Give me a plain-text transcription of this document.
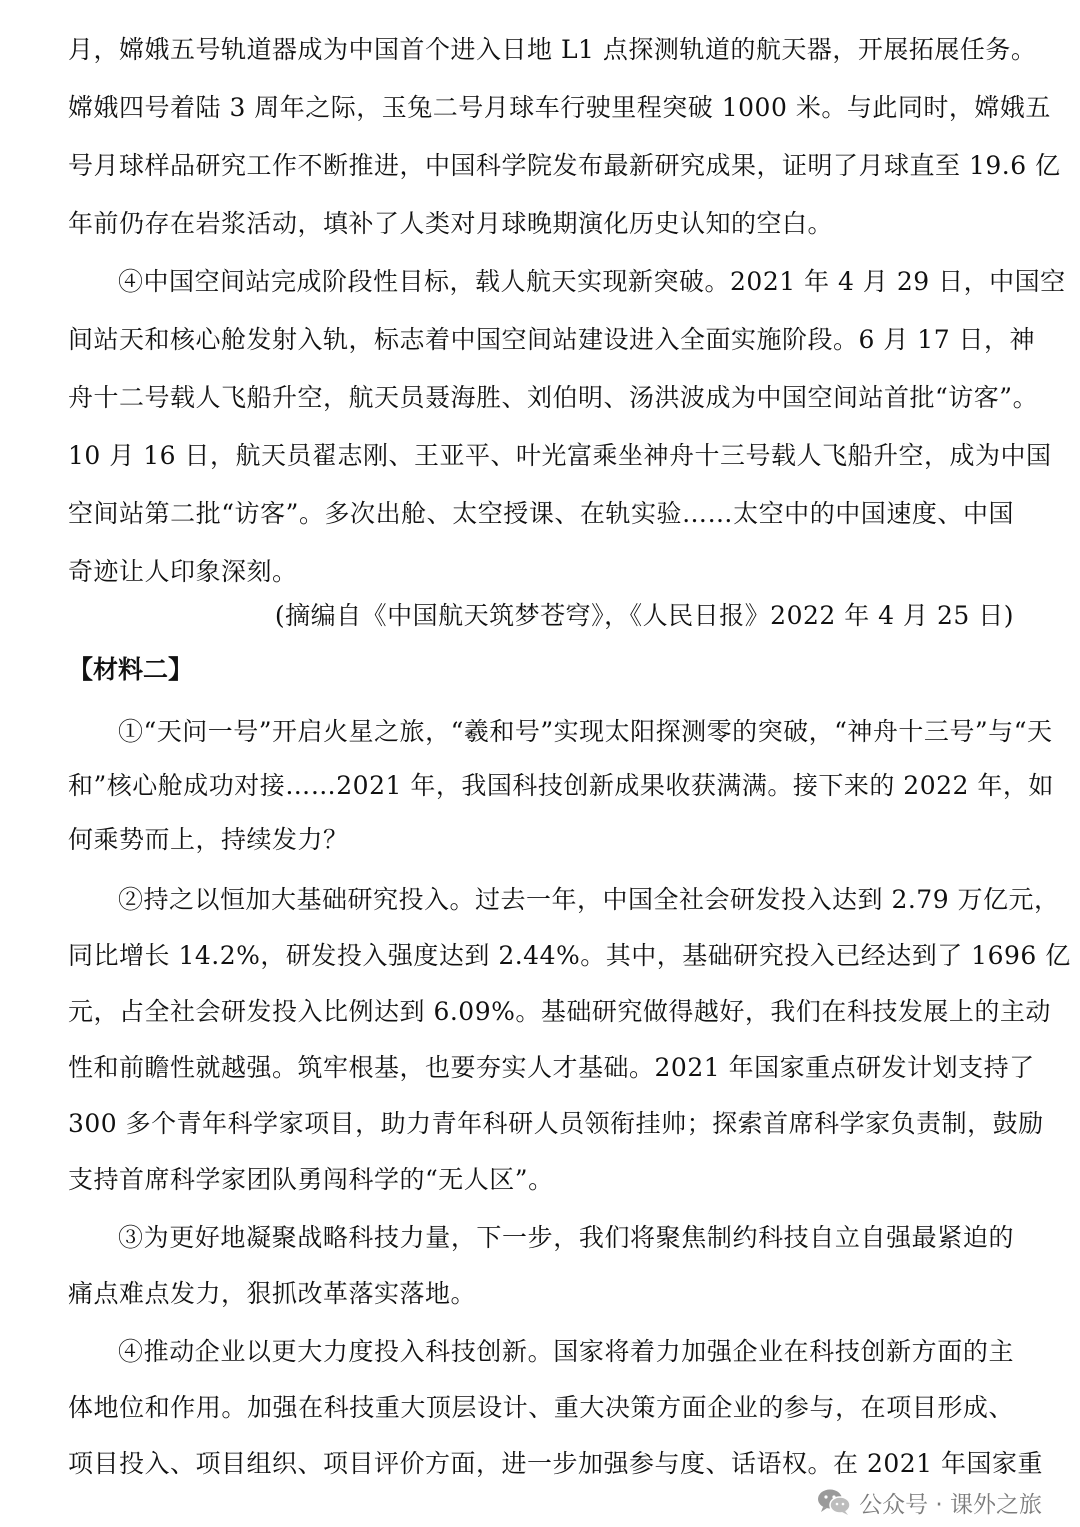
月，嫦娥五号轨道器成为中国首个进入日地 L1 点探测轨道的航天器，开展拓展任务。
嫦娥四号着陆 3 周年之际，玉兔二号月球车行驶里程突破 1000 米。与此同时，嫦娥五
号月球样品研究工作不断推进，中国科学院发布最新研究成果，证明了月球直至 19.6 亿
年前仍存在岩浆活动，填补了人类对月球晚期演化历史认知的空白。
④中国空间站完成阶段性目标，载人航天实现新突破。2021 年 4 月 29 日，中国空
间站天和核心舱发射入轨，标志着中国空间站建设进入全面实施阶段。6 月 17 日，神
舟十二号载人飞船升空，航天员聂海胜、刘伯明、汤洪波成为中国空间站首批“访客”。
10 月 16 日，航天员翟志刚、王亚平、叶光富乘坐神舟十三号载人飞船升空，成为中国
空间站第二批“访客”。多次出舱、太空授课、在轨实验……太空中的中国速度、中国
奇迹让人印象深刻。
(摘编自《中国航天筑梦苍穹》，《人民日报》2022 年 4 月 25 日)
【材料二】
①“天问一号”开启火星之旅，“羲和号”实现太阳探测零的突破，“神舟十三号”与“天
和”核心舱成功对接……2021 年，我国科技创新成果收获满满。接下来的 2022 年，如
何乘势而上，持续发力？
②持之以恒加大基础研究投入。过去一年，中国全社会研发投入达到 2.79 万亿元，
同比增长 14.2%，研发投入强度达到 2.44%。其中，基础研究投入已经达到了 1696 亿
元，占全社会研发投入比例达到 6.09%。基础研究做得越好，我们在科技发展上的主动
性和前瞻性就越强。筑牢根基，也要夯实人才基础。2021 年国家重点研发计划支持了
300 多个青年科学家项目，助力青年科研人员领衔挂帅；探索首席科学家负责制，鼓励
支持首席科学家团队勇闯科学的“无人区”。
③为更好地凝聚战略科技力量，下一步，我们将聚焦制约科技自立自强最紧迫的
痛点难点发力，狠抓改革落实落地。
④推动企业以更大力度投入科技创新。国家将着力加强企业在科技创新方面的主
体地位和作用。加强在科技重大顶层设计、重大决策方面企业的参与，在项目形成、
项目投入、项目组织、项目评价方面，进一步加强参与度、话语权。在 2021 年国家重
公众号 · 课外之旅
